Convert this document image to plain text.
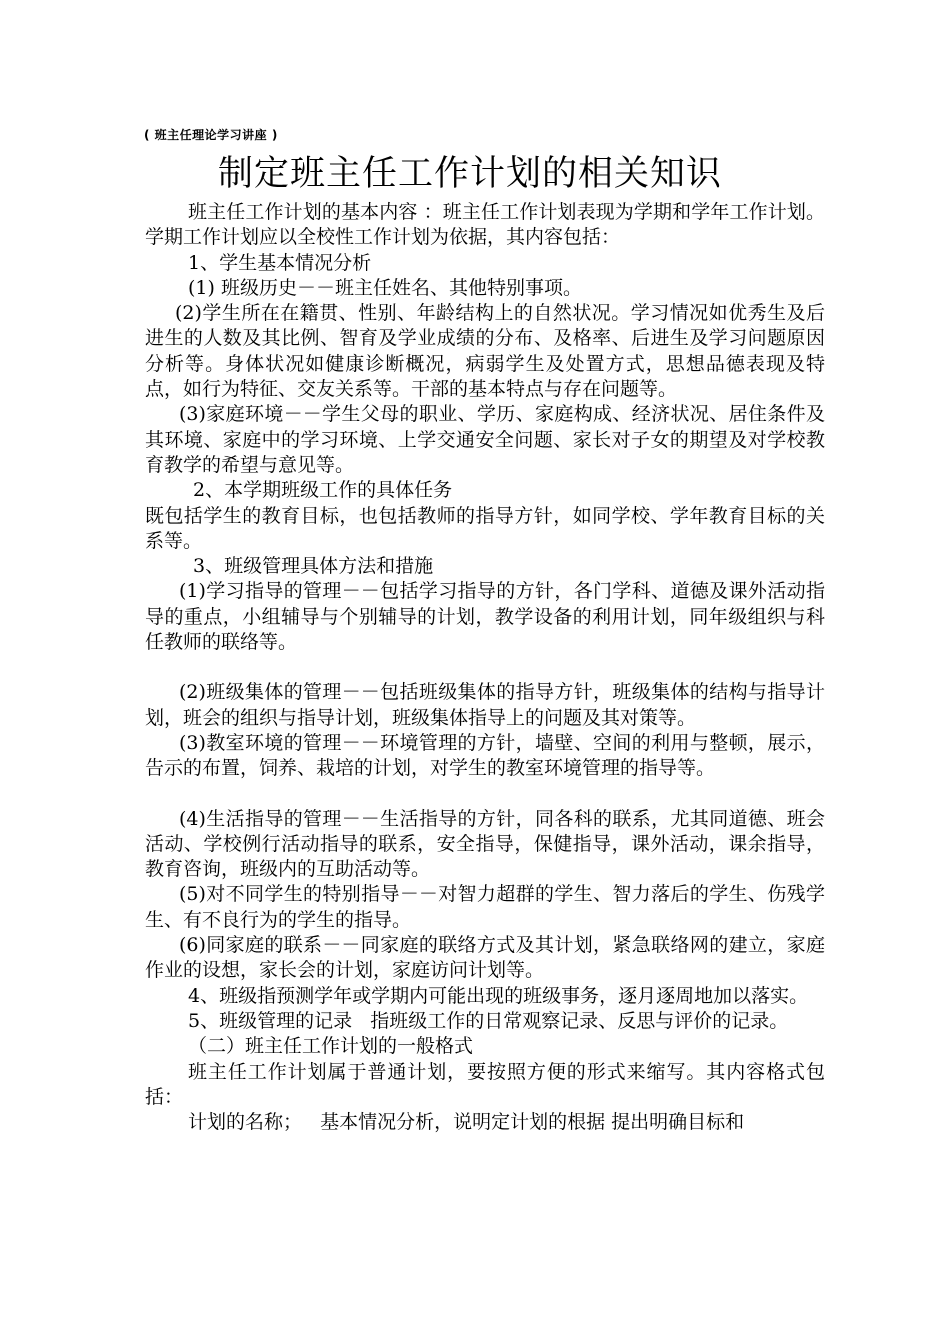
( 班主任理论学习讲座 )
制定班主任工作计划的相关知识

班主任工作计划的基本内容 ：班主任工作计划表现为学期和学年工作计划。学期工作计划应以全校性工作计划为依据，其内容包括：

1、学生基本情况分析

(1) 班级历史－－班主任姓名、其他特别事项。

(2)学生所在在籍贯、性别、年龄结构上的自然状况。学习情况如优秀生及后进生的人数及其比例、智育及学业成绩的分布、及格率、后进生及学习问题原因分析等。身体状况如健康诊断概况，病弱学生及处置方式，思想品德表现及特点，如行为特征、交友关系等。干部的基本特点与存在问题等。

(3)家庭环境－－学生父母的职业、学历、家庭构成、经济状况、居住条件及其环境、家庭中的学习环境、上学交通安全问题、家长对子女的期望及对学校教育教学的希望与意见等。

2、本学期班级工作的具体任务

既包括学生的教育目标，也包括教师的指导方针，如同学校、学年教育目标的关系等。

3、班级管理具体方法和措施

(1)学习指导的管理－－包括学习指导的方针，各门学科、道德及课外活动指导的重点，小组辅导与个别辅导的计划，教学设备的利用计划，同年级组织与科任教师的联络等。

(2)班级集体的管理－－包括班级集体的指导方针，班级集体的结构与指导计划，班会的组织与指导计划，班级集体指导上的问题及其对策等。

(3)教室环境的管理－－环境管理的方针，墙壁、空间的利用与整顿，展示，告示的布置，饲养、栽培的计划，对学生的教室环境管理的指导等。

(4)生活指导的管理－－生活指导的方针，同各科的联系，尤其同道德、班会活动、学校例行活动指导的联系，安全指导，保健指导，课外活动，课余指导，教育咨询，班级内的互助活动等。

(5)对不同学生的特别指导－－对智力超群的学生、智力落后的学生、伤残学生、有不良行为的学生的指导。

(6)同家庭的联系－－同家庭的联络方式及其计划，紧急联络网的建立，家庭作业的设想，家长会的计划，家庭访问计划等。

4、班级指预测学年或学期内可能出现的班级事务，逐月逐周地加以落实。

5、班级管理的记录   指班级工作的日常观察记录、反思与评价的记录。

（二）班主任工作计划的一般格式

班主任工作计划属于普通计划，要按照方便的形式来缩写。其内容格式包括：

计划的名称；   基本情况分析，说明定计划的根据 提出明确目标和
